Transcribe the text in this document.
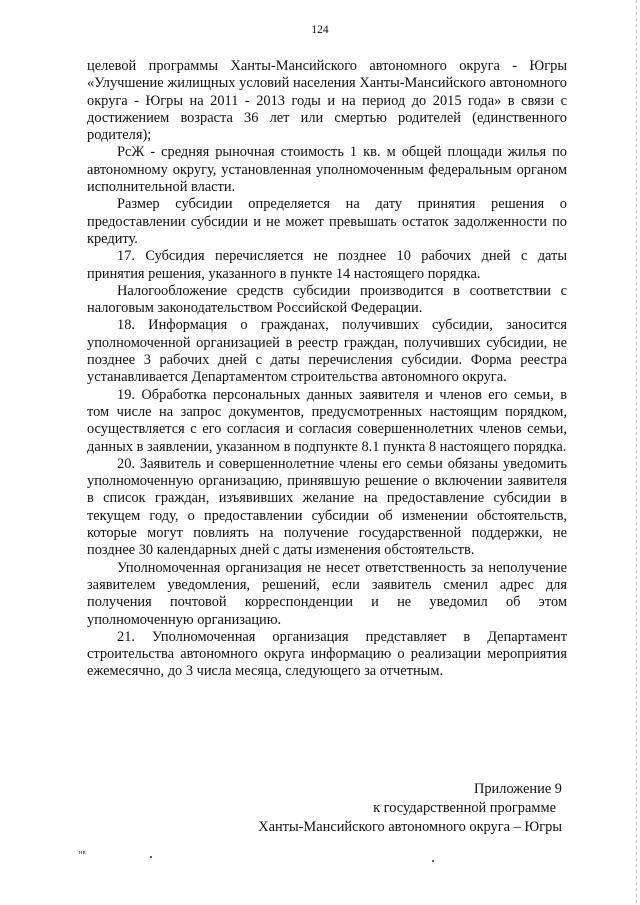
124

целевой программы Ханты-Мансийского автономного округа - Югры «Улучшение жилищных условий населения Ханты-Мансийского автономного округа - Югры на 2011 - 2013 годы и на период до 2015 года» в связи с достижением возраста 36 лет или смертью родителей (единственного родителя);

РсЖ - средняя рыночная стоимость 1 кв. м общей площади жилья по автономному округу, установленная уполномоченным федеральным органом исполнительной власти.

Размер субсидии определяется на дату принятия решения о предоставлении субсидии и не может превышать остаток задолженности по кредиту.

17. Субсидия перечисляется не позднее 10 рабочих дней с даты принятия решения, указанного в пункте 14 настоящего порядка.

Налогообложение средств субсидии производится в соответствии с налоговым законодательством Российской Федерации.

18. Информация о гражданах, получивших субсидии, заносится уполномоченной организацией в реестр граждан, получивших субсидии, не позднее 3 рабочих дней с даты перечисления субсидии. Форма реестра устанавливается Департаментом строительства автономного округа.

19. Обработка персональных данных заявителя и членов его семьи, в том числе на запрос документов, предусмотренных настоящим порядком, осуществляется с его согласия и согласия совершеннолетних членов семьи, данных в заявлении, указанном в подпункте 8.1 пункта 8 настоящего порядка.

20. Заявитель и совершеннолетние члены его семьи обязаны уведомить уполномоченную организацию, принявшую решение о включении заявителя в список граждан, изъявивших желание на предоставление субсидии в текущем году, о предоставлении субсидии об изменении обстоятельств, которые могут повлиять на получение государственной поддержки, не позднее 30 календарных дней с даты изменения обстоятельств.

Уполномоченная организация не несет ответственность за неполучение заявителем уведомления, решений, если заявитель сменил адрес для получения почтовой корреспонденции и не уведомил об этом уполномоченную организацию.

21. Уполномоченная организация представляет в Департамент строительства автономного округа информацию о реализации мероприятия ежемесячно, до 3 числа месяца, следующего за отчетным.

Приложение 9
к государственной программе
Ханты-Мансийского автономного округа – Югры
нв
